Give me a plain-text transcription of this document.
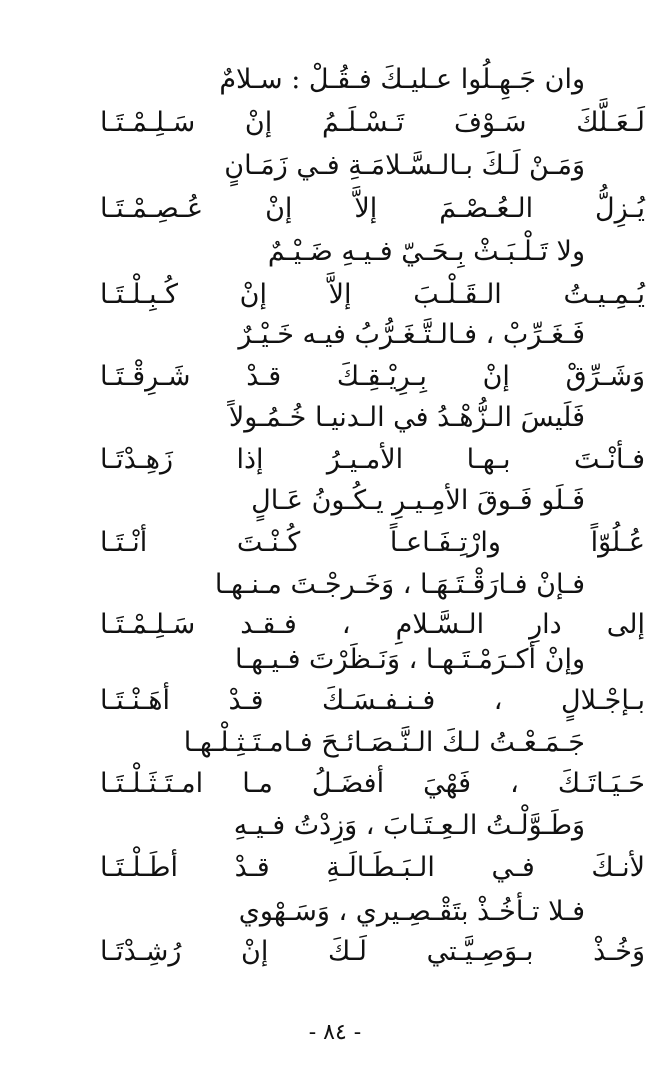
وان جَـهِـلُوا عـليـكَ فـقُـلْ : سـلامٌ
لَـعَـلَّكَ سَـوْفَ تَـسْـلَـمُ إنْ سَـلِـمْـتَـا
وَمَـنْ لَـكَ بـالـسَّـلامَـةِ فـي زَمَـانٍ
يُـزِلُّ الـعُـصْـمَ إلاَّ إنْ عُـصِـمْـتَـا
ولا تَـلْـبَـثْ بِـحَـيّ فـيـهِ ضَـيْـمٌ
يُـمِـيـتُ الـقَـلْـبَ إلاَّ إنْ كُـبِـلْـتَـا
فَـغَـرِّبْ ، فـالـتَّـغَـرُّبُ فيـه خَـيْـرٌ
وَشَـرِّقْ إنْ بِـرِيْـقِـكَ قـدْ شَـرِقْـتَـا
فَلَيسَ الـزُّهْـدُ في الـدنيـا خُـمُـولاً
فـأنْـتَ بـهـا الأمـيـرُ إذا زَهِـدْتَـا
فَـلَو فَـوقَ الأمِـيـرِ يـكُـونُ عَـالٍ
عُـلُوّاً وارْتِـفَـاعـاً كُـنْـتَ أنْـتَـا
فـإنْ فـارَقْـتَـهَـا ، وَخَـرجْـتَ مـنـهـا
إلى دارِ الـسَّـلامِ ، فـقـد سَـلِـمْـتَـا
وإنْ أكـرَمْـتَـهـا ، وَنَـظَرْتَ فـيـهـا
بـإجْـلالٍ ، فـنـفـسَـكَ قـدْ أهَـنْـتَـا
جَـمَـعْـتُ لـكَ الـنَّـصَـائـحَ فـامـتَـثِـلْـهـا
حَـيَـاتَـكَ ، فَهْيَ أفضَـلُ مـا امـتَـثَـلْـتَـا
وَطَـوَّلْـتُ الـعِـتَـابَ ، وَزِدْتُ فـيـهِ
لأنـكَ فـي الـبَـطَـالَـةِ قـدْ أطَـلْـتَـا
فـلا تـأخُـذْ بتَقْـصِـيري ، وَسَـهْوي
وَخُـذْ بـوَصِـيَّـتي لَـكَ إنْ رُشِـدْتَـا
- ٨٤ -
